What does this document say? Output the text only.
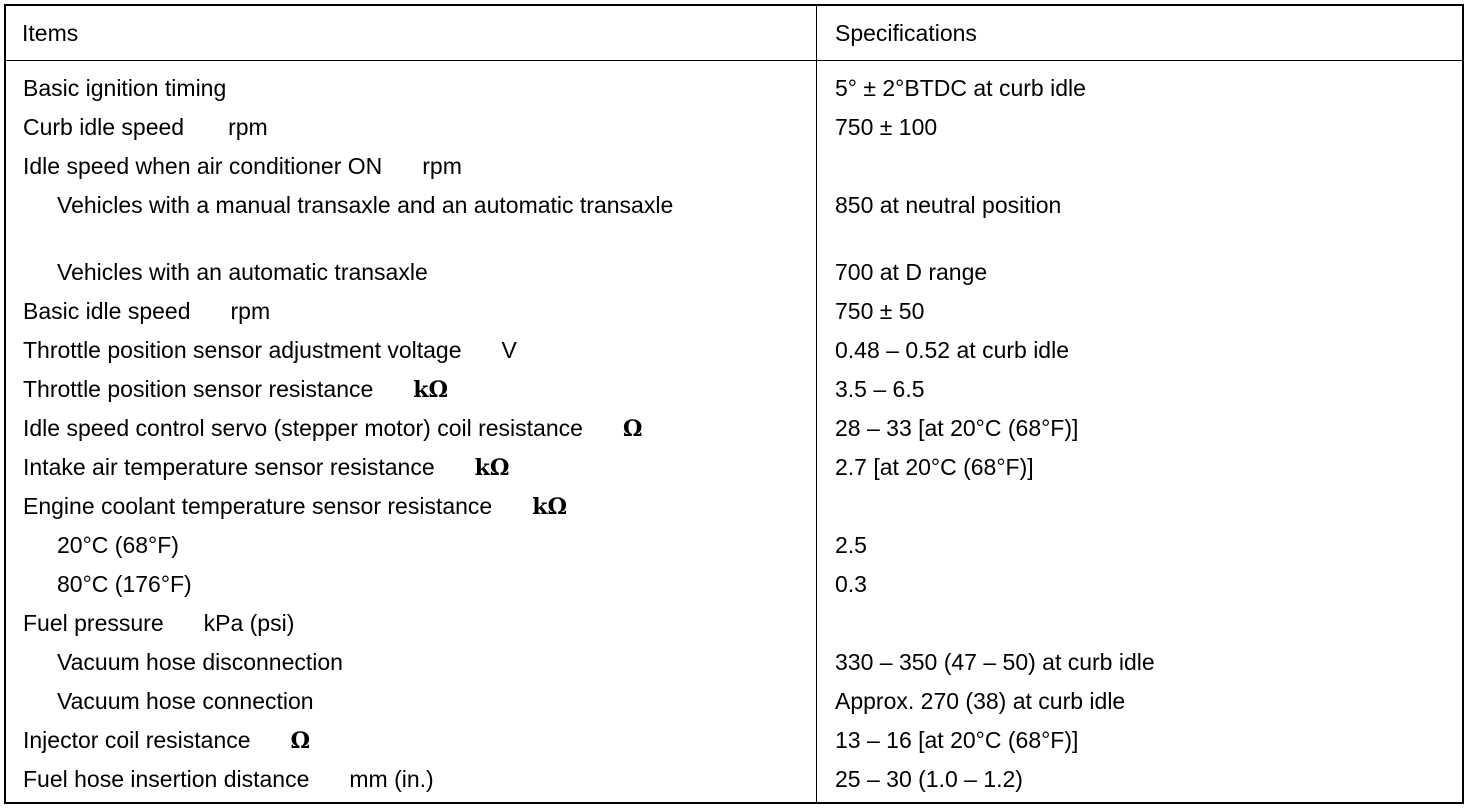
Items	Specifications
Basic ignition timing	5° ± 2°BTDC at curb idle
Curb idle speed rpm	750 ± 100
Idle speed when air conditioner ON rpm
Vehicles with a manual transaxle and an automatic transaxle	850 at neutral position
Vehicles with an automatic transaxle	700 at D range
Basic idle speed rpm	750 ± 50
Throttle position sensor adjustment voltage V	0.48 – 0.52 at curb idle
Throttle position sensor resistance kΩ	3.5 – 6.5
Idle speed control servo (stepper motor) coil resistance Ω	28 – 33 [at 20°C (68°F)]
Intake air temperature sensor resistance kΩ	2.7 [at 20°C (68°F)]
Engine coolant temperature sensor resistance kΩ
20°C (68°F)	2.5
80°C (176°F)	0.3
Fuel pressure kPa (psi)
Vacuum hose disconnection	330 – 350 (47 – 50) at curb idle
Vacuum hose connection	Approx. 270 (38) at curb idle
Injector coil resistance Ω	13 – 16 [at 20°C (68°F)]
Fuel hose insertion distance mm (in.)	25 – 30 (1.0 – 1.2)
